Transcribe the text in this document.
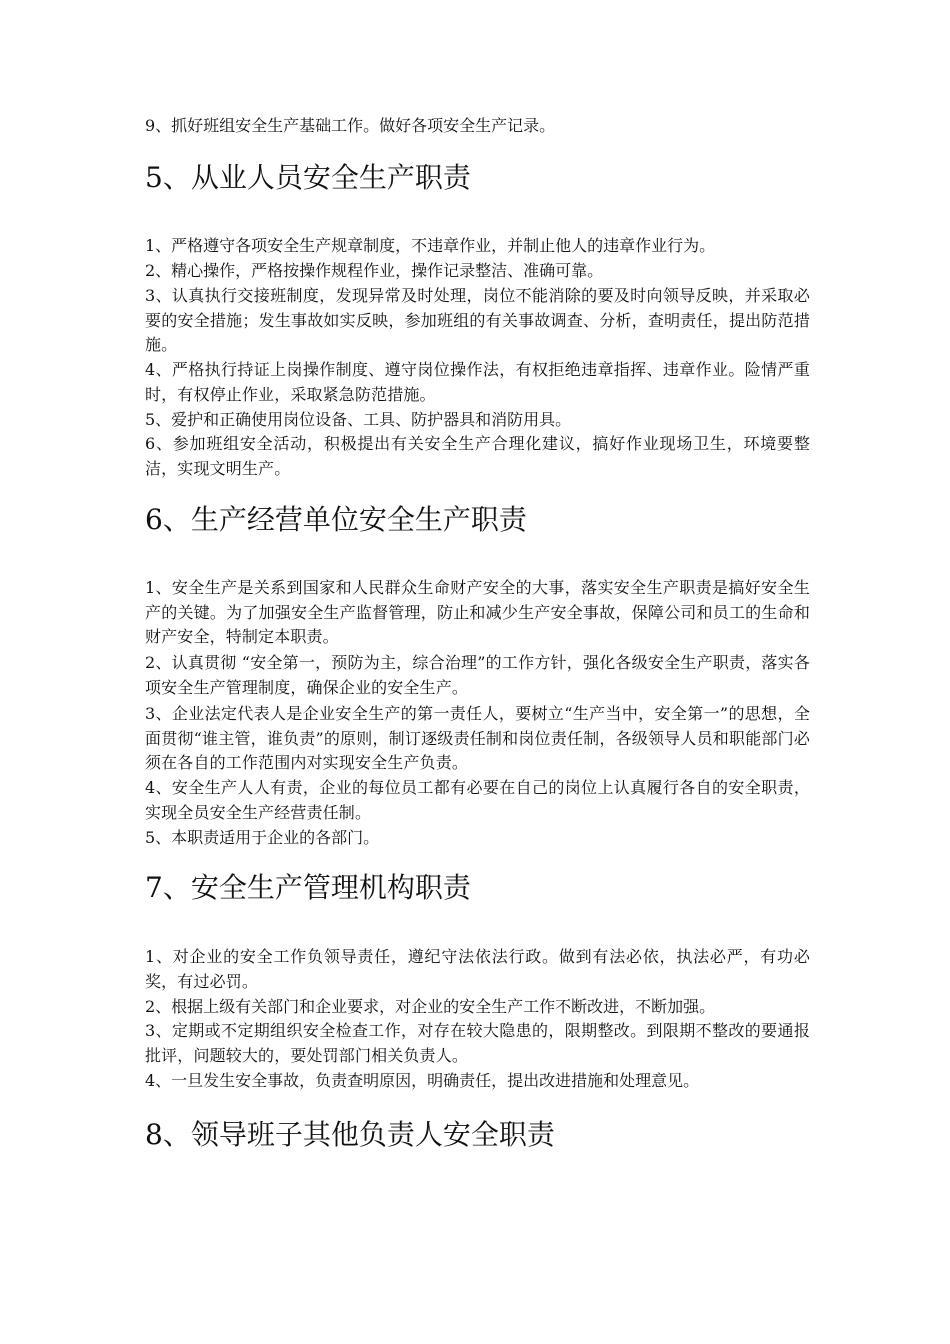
9、抓好班组安全生产基础工作。做好各项安全生产记录。
5、从业人员安全生产职责
1、严格遵守各项安全生产规章制度，不违章作业，并制止他人的违章作业行为。
2、精心操作，严格按操作规程作业，操作记录整洁、准确可靠。
3、认真执行交接班制度，发现异常及时处理，岗位不能消除的要及时向领导反映，并采取必要的安全措施；发生事故如实反映，参加班组的有关事故调查、分析，查明责任，提出防范措施。
4、严格执行持证上岗操作制度、遵守岗位操作法，有权拒绝违章指挥、违章作业。险情严重时，有权停止作业，采取紧急防范措施。
5、爱护和正确使用岗位设备、工具、防护器具和消防用具。
6、参加班组安全活动，积极提出有关安全生产合理化建议，搞好作业现场卫生，环境要整洁，实现文明生产。
6、生产经营单位安全生产职责
1、安全生产是关系到国家和人民群众生命财产安全的大事，落实安全生产职责是搞好安全生产的关键。为了加强安全生产监督管理，防止和减少生产安全事故，保障公司和员工的生命和财产安全，特制定本职责。
2、认真贯彻 “安全第一，预防为主，综合治理”的工作方针，强化各级安全生产职责，落实各项安全生产管理制度，确保企业的安全生产。
3、企业法定代表人是企业安全生产的第一责任人，要树立“生产当中，安全第一”的思想，全面贯彻“谁主管，谁负责”的原则，制订逐级责任制和岗位责任制，各级领导人员和职能部门必须在各自的工作范围内对实现安全生产负责。
4、安全生产人人有责，企业的每位员工都有必要在自己的岗位上认真履行各自的安全职责，实现全员安全生产经营责任制。
5、本职责适用于企业的各部门。
7、安全生产管理机构职责
1、对企业的安全工作负领导责任，遵纪守法依法行政。做到有法必依，执法必严，有功必奖，有过必罚。
2、根据上级有关部门和企业要求，对企业的安全生产工作不断改进，不断加强。
3、定期或不定期组织安全检查工作，对存在较大隐患的，限期整改。到限期不整改的要通报批评，问题较大的，要处罚部门相关负责人。
4、一旦发生安全事故，负责查明原因，明确责任，提出改进措施和处理意见。
8、领导班子其他负责人安全职责
